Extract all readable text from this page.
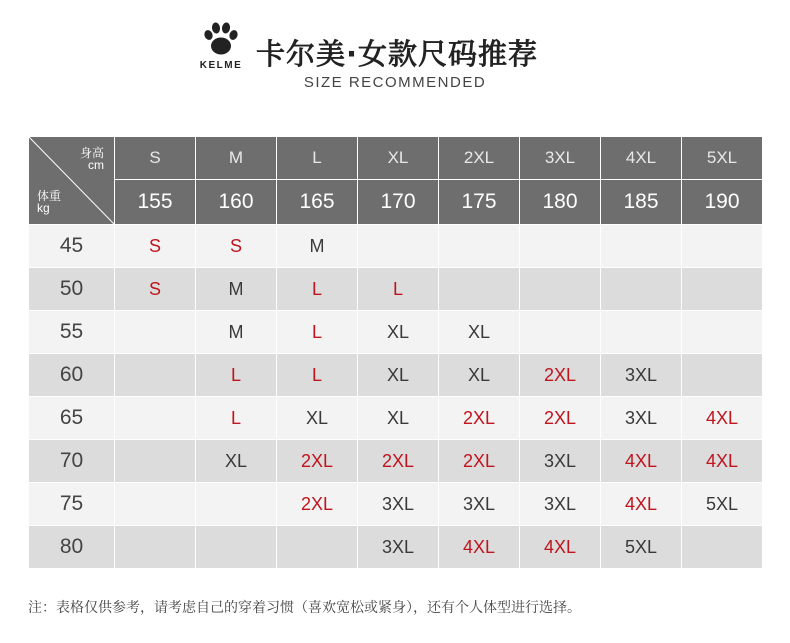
KELME 卡尔美·女款尺码推荐
SIZE RECOMMENDED
身高
cm
体重
kg	S	M	L	XL	2XL	3XL	4XL	5XL
	155	160	165	170	175	180	185	190
45	S	S	M					
50	S	M	L	L				
55		M	L	XL	XL			
60		L	L	XL	XL	2XL	3XL	
65		L	XL	XL	2XL	2XL	3XL	4XL
70		XL	2XL	2XL	2XL	3XL	4XL	4XL
75			2XL	3XL	3XL	3XL	4XL	5XL
80				3XL	4XL	4XL	5XL	
注：表格仅供参考，请考虑自己的穿着习惯（喜欢宽松或紧身），还有个人体型进行选择。
